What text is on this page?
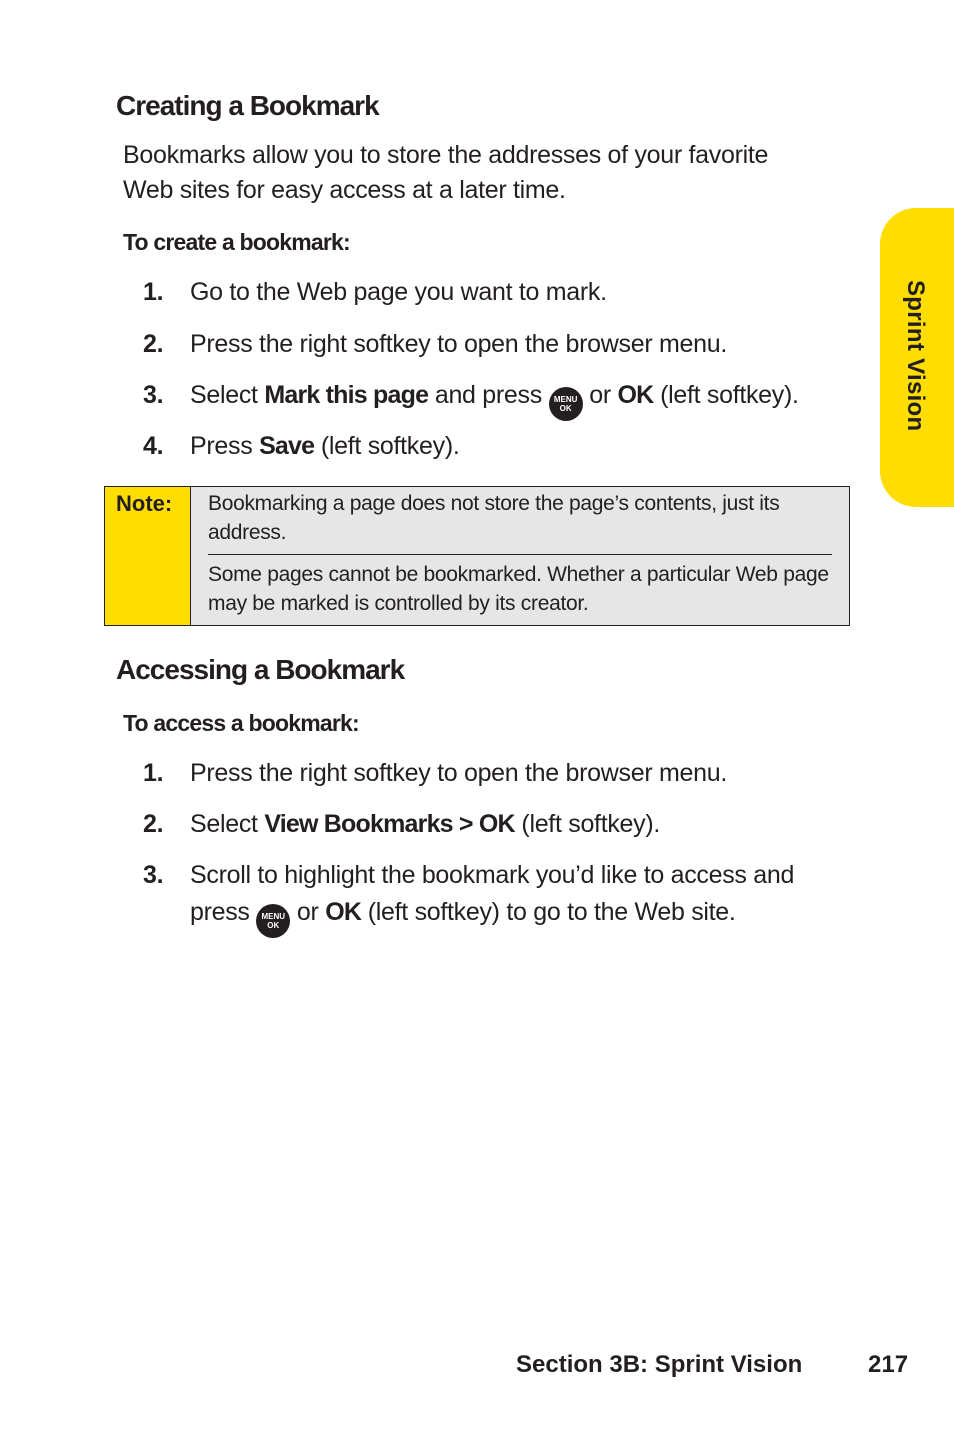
Creating a Bookmark
Bookmarks allow you to store the addresses of your favorite
Web sites for easy access at a later time.
To create a bookmark:
1. Go to the Web page you want to mark.
2. Press the right softkey to open the browser menu.
3. Select Mark this page and press MENU
OK or OK (left softkey).
4. Press Save (left softkey).
Note:	Bookmarking a page does not store the page’s contents, just its address.
Some pages cannot be bookmarked. Whether a particular Web page may be marked is controlled by its creator.
Accessing a Bookmark
To access a bookmark:
1. Press the right softkey to open the browser menu.
2. Select View Bookmarks > OK (left softkey).
3. Scroll to highlight the bookmark you’d like to access and
press MENU
OK or OK (left softkey) to go to the Web site.
Sprint Vision
Section 3B: Sprint Vision	217
